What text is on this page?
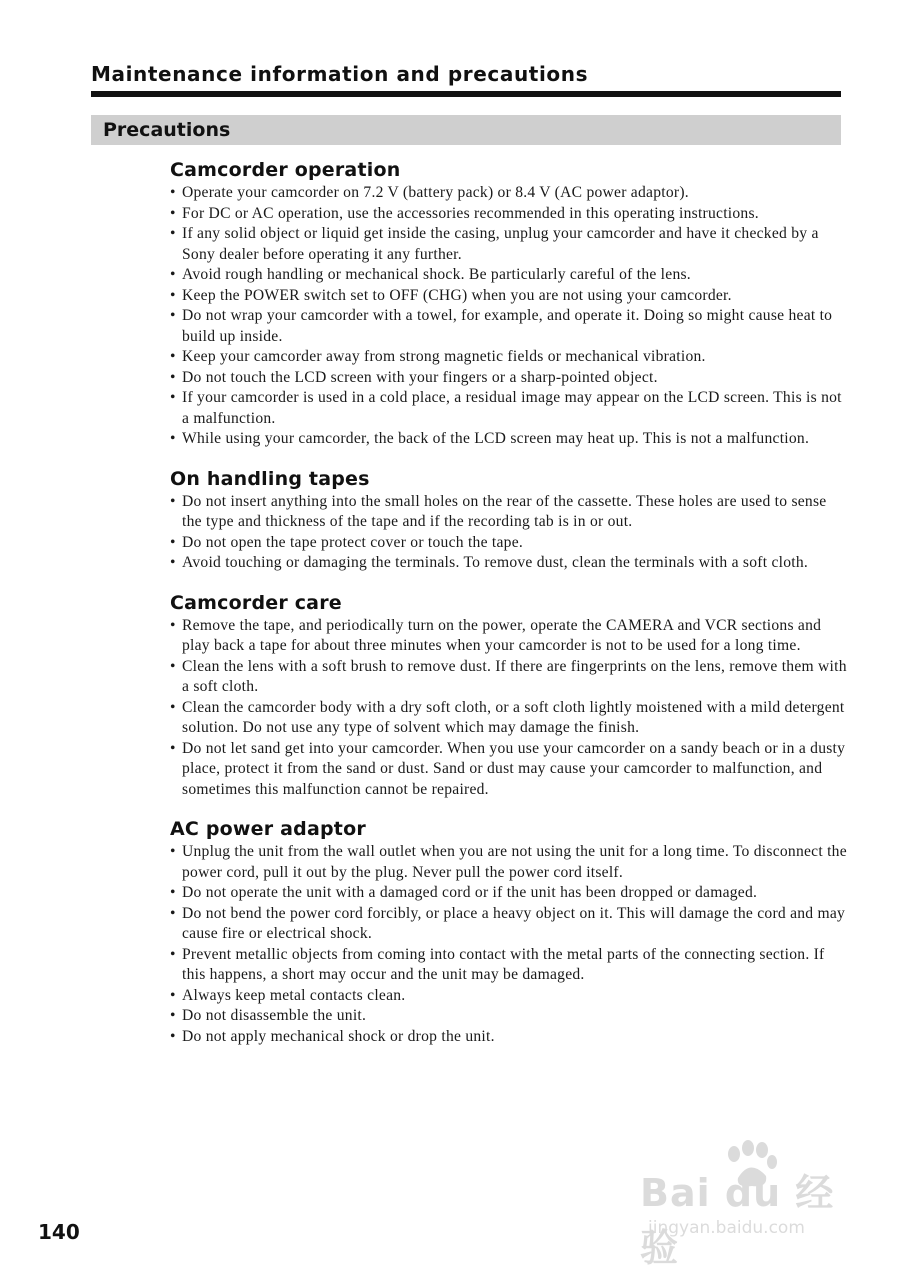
Maintenance information and precautions
Precautions
Camcorder operation
• Operate your camcorder on 7.2 V (battery pack) or 8.4 V (AC power adaptor).
• For DC or AC operation, use the accessories recommended in this operating instructions.
• If any solid object or liquid get inside the casing, unplug your camcorder and have it checked by a Sony dealer before operating it any further.
• Avoid rough handling or mechanical shock. Be particularly careful of the lens.
• Keep the POWER switch set to OFF (CHG) when you are not using your camcorder.
• Do not wrap your camcorder with a towel, for example, and operate it. Doing so might cause heat to build up inside.
• Keep your camcorder away from strong magnetic fields or mechanical vibration.
• Do not touch the LCD screen with your fingers or a sharp-pointed object.
• If your camcorder is used in a cold place, a residual image may appear on the LCD screen. This is not a malfunction.
• While using your camcorder, the back of the LCD screen may heat up. This is not a malfunction.
On handling tapes
• Do not insert anything into the small holes on the rear of the cassette. These holes are used to sense the type and thickness of the tape and if the recording tab is in or out.
• Do not open the tape protect cover or touch the tape.
• Avoid touching or damaging the terminals. To remove dust, clean the terminals with a soft cloth.
Camcorder care
• Remove the tape, and periodically turn on the power, operate the CAMERA and VCR sections and play back a tape for about three minutes when your camcorder is not to be used for a long time.
• Clean the lens with a soft brush to remove dust. If there are fingerprints on the lens, remove them with a soft cloth.
• Clean the camcorder body with a dry soft cloth, or a soft cloth lightly moistened with a mild detergent solution. Do not use any type of solvent which may damage the finish.
• Do not let sand get into your camcorder. When you use your camcorder on a sandy beach or in a dusty place, protect it from the sand or dust. Sand or dust may cause your camcorder to malfunction, and sometimes this malfunction cannot be repaired.
AC power adaptor
• Unplug the unit from the wall outlet when you are not using the unit for a long time. To disconnect the power cord, pull it out by the plug. Never pull the power cord itself.
• Do not operate the unit with a damaged cord or if the unit has been dropped or damaged.
• Do not bend the power cord forcibly, or place a heavy object on it. This will damage the cord and may cause fire or electrical shock.
• Prevent metallic objects from coming into contact with the metal parts of the connecting section. If this happens, a short may occur and the unit may be damaged.
• Always keep metal contacts clean.
• Do not disassemble the unit.
• Do not apply mechanical shock or drop the unit.
140
Bai du 经验
jingyan.baidu.com
